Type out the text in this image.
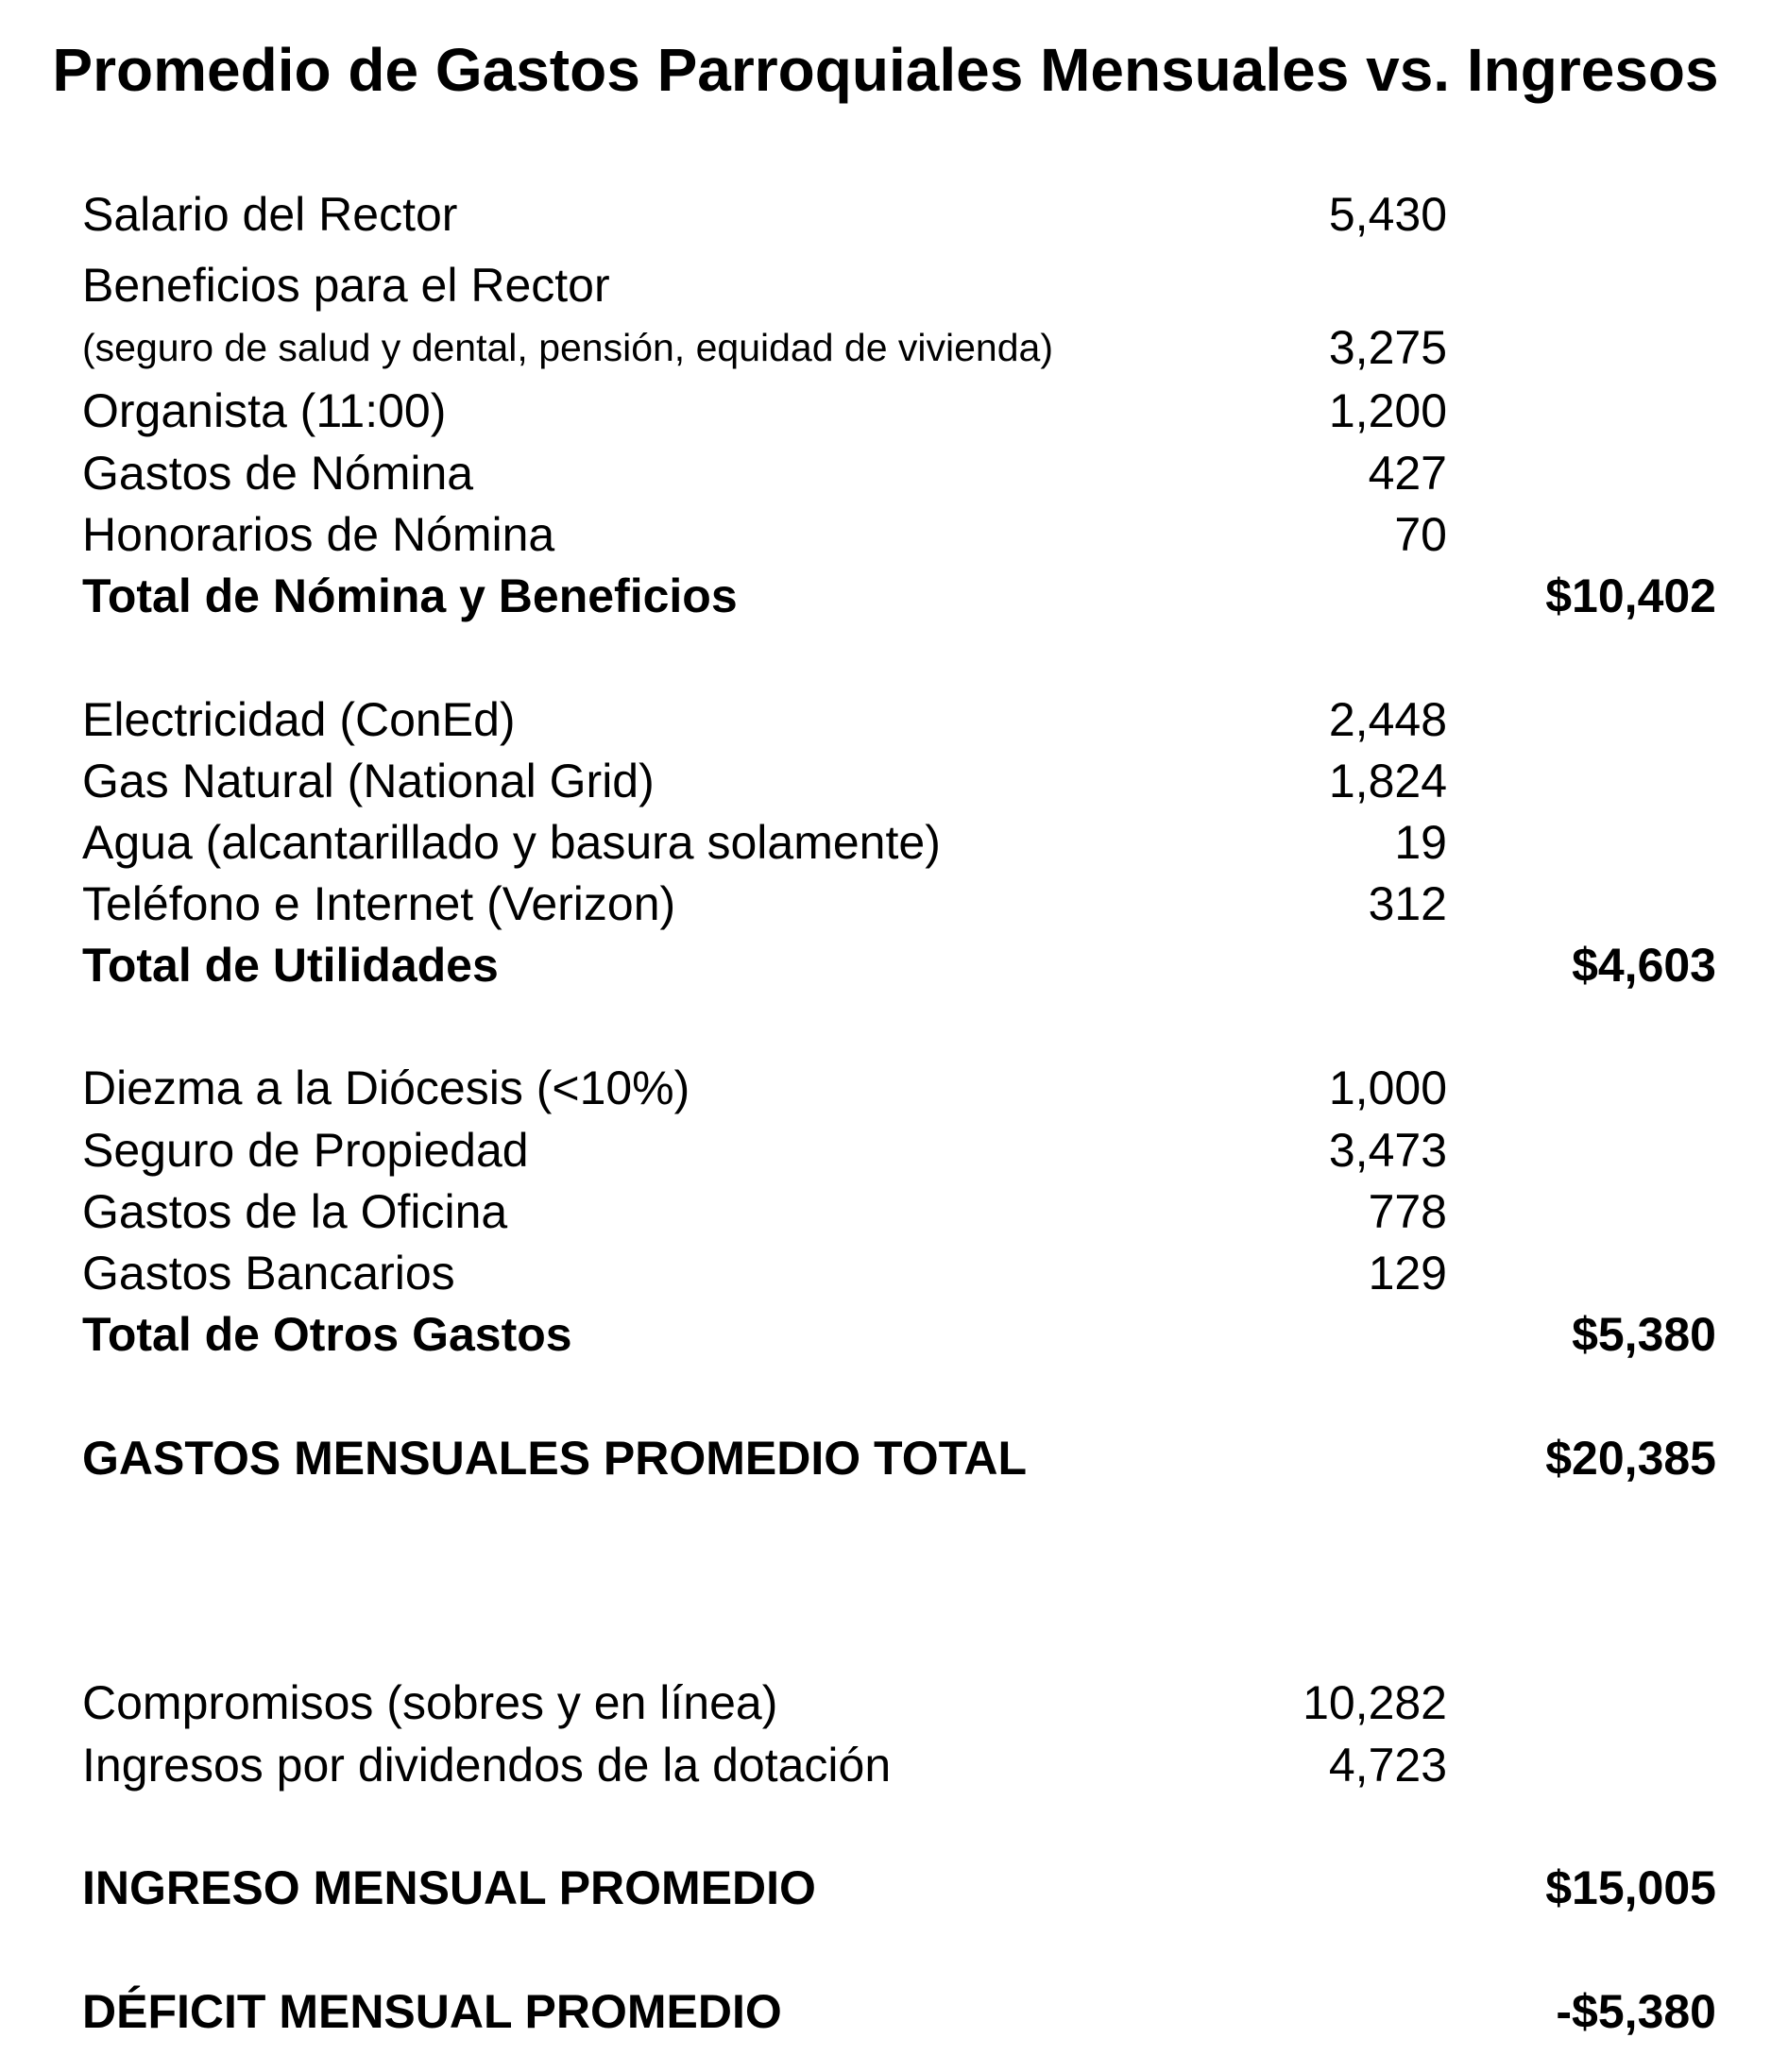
Promedio de Gastos Parroquiales Mensuales vs. Ingresos
Salario del Rector	5,430
Beneficios para el Rector
(seguro de salud y dental, pensión, equidad de vivienda)	3,275
Organista (11:00)	1,200
Gastos de Nómina	427
Honorarios de Nómina	70
Total de Nómina y Beneficios	$10,402
Electricidad (ConEd)	2,448
Gas Natural (National Grid)	1,824
Agua (alcantarillado y basura solamente)	19
Teléfono e Internet (Verizon)	312
Total de Utilidades	$4,603
Diezma a la Diócesis (<10%)	1,000
Seguro de Propiedad	3,473
Gastos de la Oficina	778
Gastos Bancarios	129
Total de Otros Gastos	$5,380
GASTOS MENSUALES PROMEDIO TOTAL	$20,385
Compromisos (sobres y en línea)	10,282
Ingresos por dividendos de la dotación	4,723
INGRESO MENSUAL PROMEDIO	$15,005
DÉFICIT MENSUAL PROMEDIO	-$5,380
